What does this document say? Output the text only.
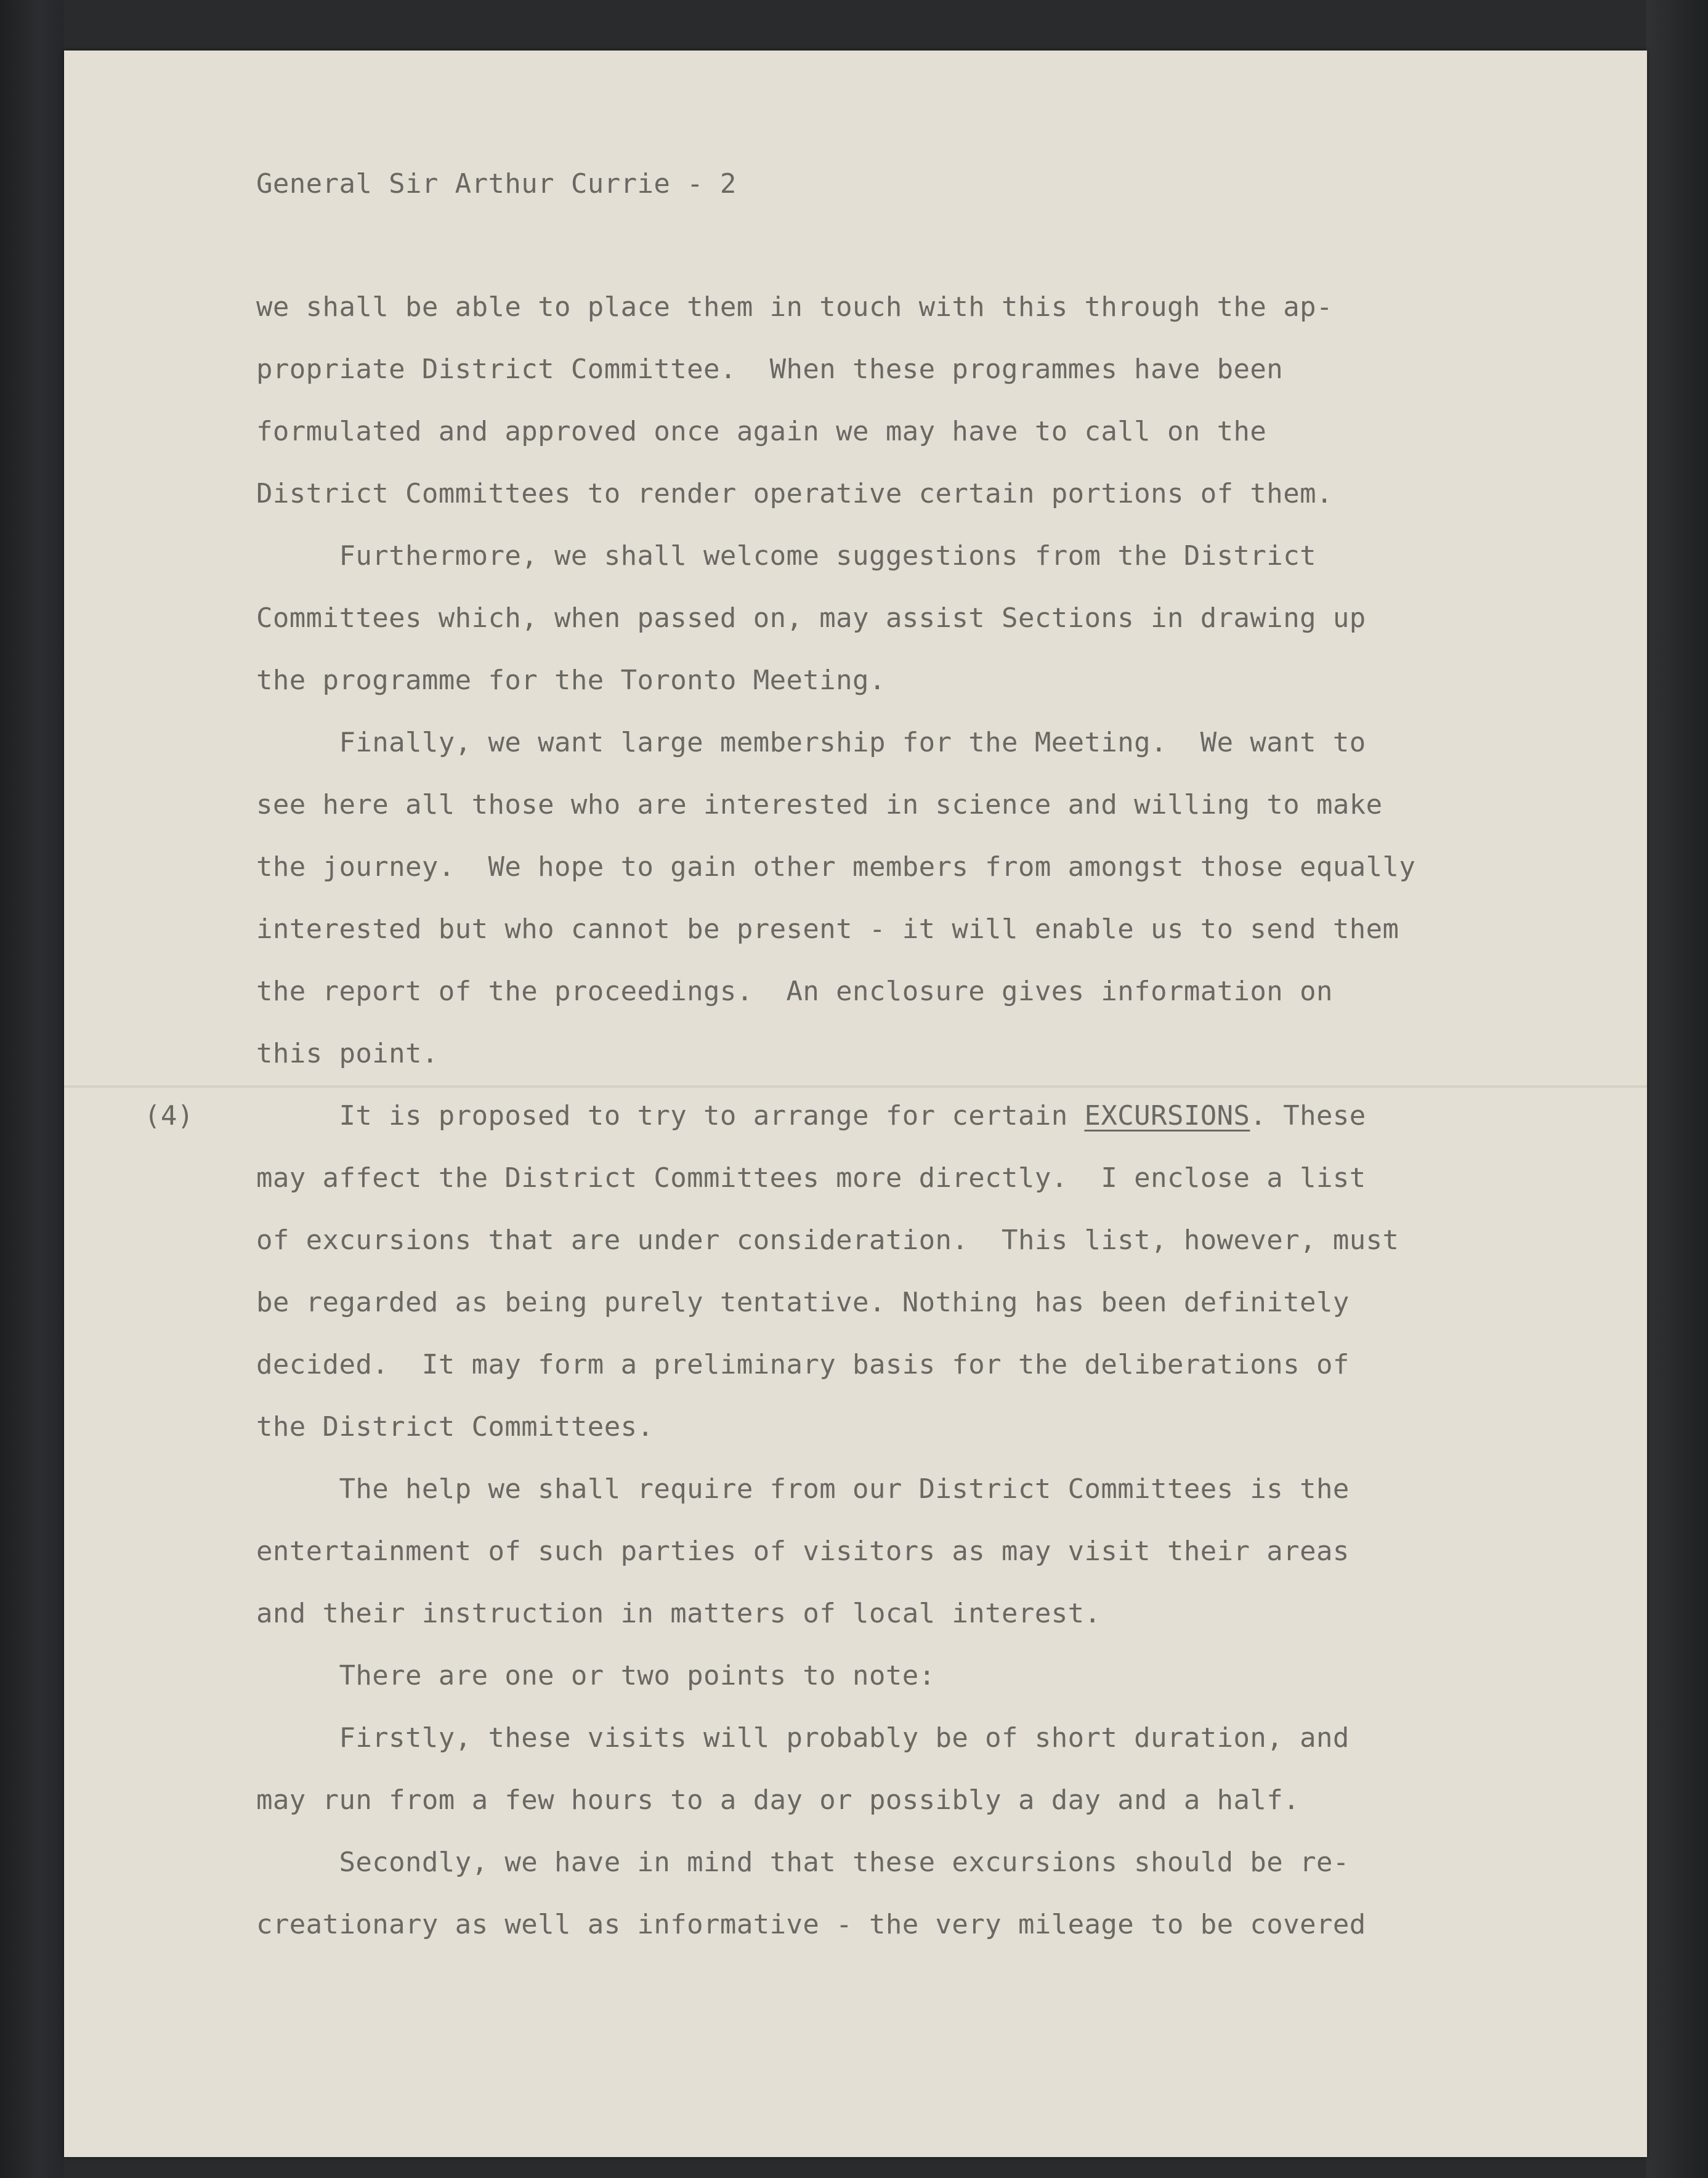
General Sir Arthur Currie - 2
we shall be able to place them in touch with this through the ap-
propriate District Committee.  When these programmes have been
formulated and approved once again we may have to call on the
District Committees to render operative certain portions of them.
Furthermore, we shall welcome suggestions from the District
Committees which, when passed on, may assist Sections in drawing up
the programme for the Toronto Meeting.
Finally, we want large membership for the Meeting.  We want to
see here all those who are interested in science and willing to make
the journey.  We hope to gain other members from amongst those equally
interested but who cannot be present - it will enable us to send them
the report of the proceedings.  An enclosure gives information on
this point.
(4) It is proposed to try to arrange for certain EXCURSIONS. These
may affect the District Committees more directly.  I enclose a list
of excursions that are under consideration.  This list, however, must
be regarded as being purely tentative. Nothing has been definitely
decided.  It may form a preliminary basis for the deliberations of
the District Committees.
The help we shall require from our District Committees is the
entertainment of such parties of visitors as may visit their areas
and their instruction in matters of local interest.
There are one or two points to note:
Firstly, these visits will probably be of short duration, and
may run from a few hours to a day or possibly a day and a half.
Secondly, we have in mind that these excursions should be re-
creationary as well as informative - the very mileage to be covered
